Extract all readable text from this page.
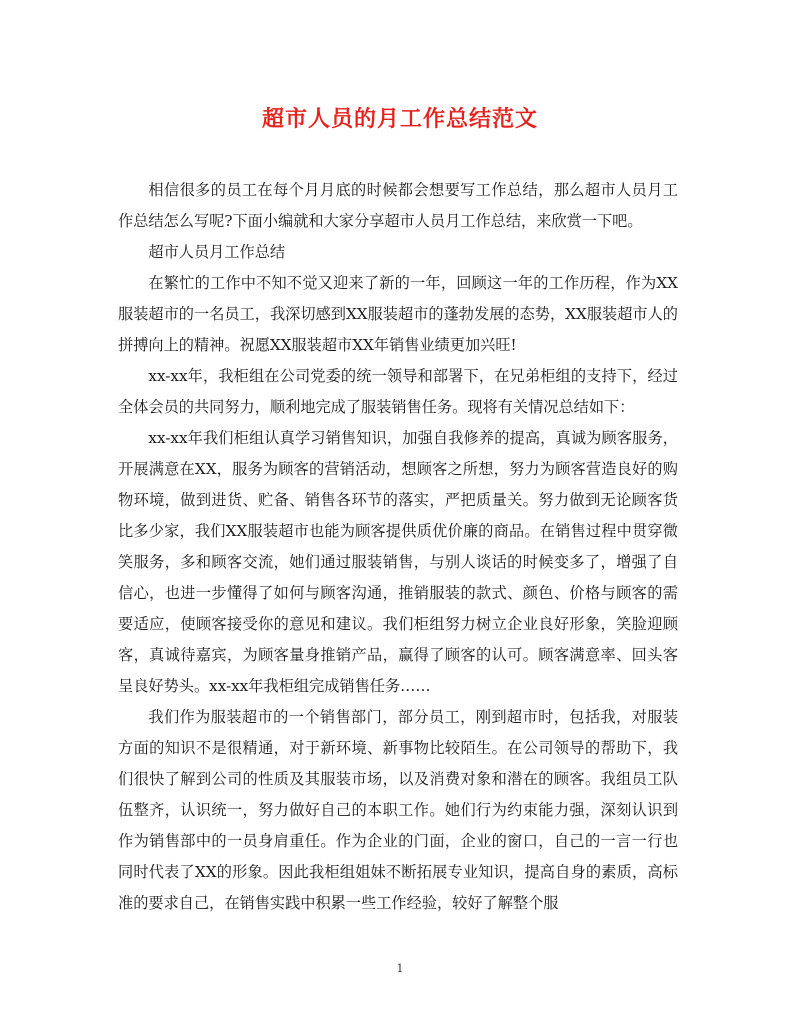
超市人员的月工作总结范文

相信很多的员工在每个月月底的时候都会想要写工作总结，那么超市人员月工作总结怎么写呢?下面小编就和大家分享超市人员月工作总结，来欣赏一下吧。

超市人员月工作总结

在繁忙的工作中不知不觉又迎来了新的一年，回顾这一年的工作历程，作为XX服装超市的一名员工，我深切感到XX服装超市的蓬勃发展的态势，XX服装超市人的拼搏向上的精神。祝愿XX服装超市XX年销售业绩更加兴旺!

xx-xx年，我柜组在公司党委的统一领导和部署下，在兄弟柜组的支持下，经过全体会员的共同努力，顺利地完成了服装销售任务。现将有关情况总结如下：

xx-xx年我们柜组认真学习销售知识，加强自我修养的提高，真诚为顾客服务，开展满意在XX，服务为顾客的营销活动，想顾客之所想，努力为顾客营造良好的购物环境，做到进货、贮备、销售各环节的落实，严把质量关。努力做到无论顾客货比多少家，我们XX服装超市也能为顾客提供质优价廉的商品。在销售过程中贯穿微笑服务，多和顾客交流，她们通过服装销售，与别人谈话的时候变多了，增强了自信心，也进一步懂得了如何与顾客沟通，推销服装的款式、颜色、价格与顾客的需要适应，使顾客接受你的意见和建议。我们柜组努力树立企业良好形象，笑脸迎顾客，真诚待嘉宾，为顾客量身推销产品，赢得了顾客的认可。顾客满意率、回头客呈良好势头。xx-xx年我柜组完成销售任务……

我们作为服装超市的一个销售部门，部分员工，刚到超市时，包括我，对服装方面的知识不是很精通，对于新环境、新事物比较陌生。在公司领导的帮助下，我们很快了解到公司的性质及其服装市场，以及消费对象和潜在的顾客。我组员工队伍整齐，认识统一，努力做好自己的本职工作。她们行为约束能力强，深刻认识到作为销售部中的一员身肩重任。作为企业的门面，企业的窗口，自己的一言一行也同时代表了XX的形象。因此我柜组姐妹不断拓展专业知识，提高自身的素质，高标准的要求自己，在销售实践中积累一些工作经验，较好了解整个服

1
